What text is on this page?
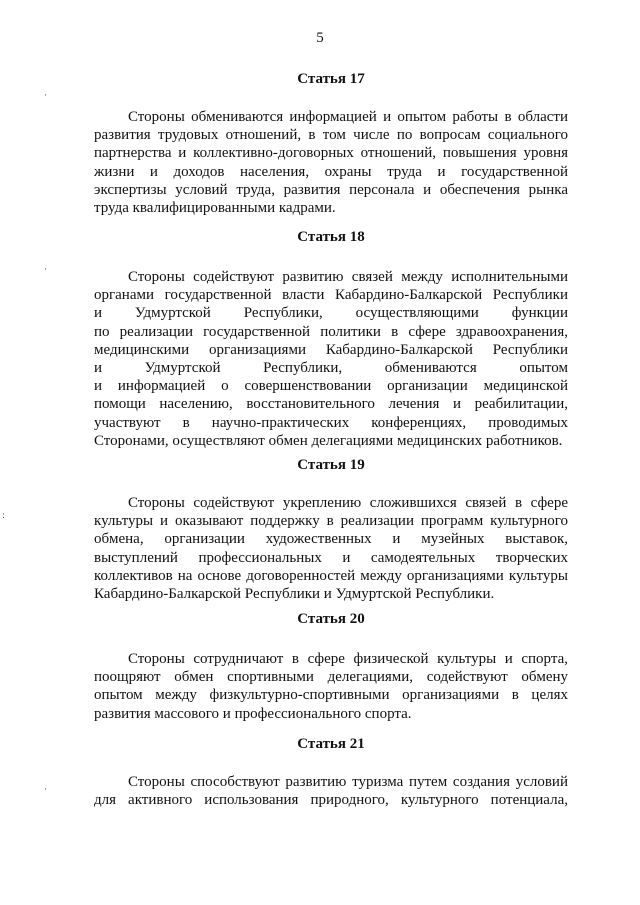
5
Статья 17
Стороны обмениваются информацией и опытом работы в области
развития трудовых отношений, в том числе по вопросам социального
партнерства и коллективно-договорных отношений, повышения уровня
жизни и доходов населения, охраны труда и государственной
экспертизы условий труда, развития персонала и обеспечения рынка
труда квалифицированными кадрами.
Статья 18
Стороны содействуют развитию связей между исполнительными
органами государственной власти Кабардино-Балкарской Республики
и Удмуртской Республики, осуществляющими функции
по реализации государственной политики в сфере здравоохранения,
медицинскими организациями Кабардино-Балкарской Республики
и Удмуртской Республики, обмениваются опытом
и информацией о совершенствовании организации медицинской
помощи населению, восстановительного лечения и реабилитации,
участвуют в научно-практических конференциях, проводимых
Сторонами, осуществляют обмен делегациями медицинских работников.
Статья 19
Стороны содействуют укреплению сложившихся связей в сфере
культуры и оказывают поддержку в реализации программ культурного
обмена, организации художественных и музейных выставок,
выступлений профессиональных и самодеятельных творческих
коллективов на основе договоренностей между организациями культуры
Кабардино-Балкарской Республики и Удмуртской Республики.
Статья 20
Стороны сотрудничают в сфере физической культуры и спорта,
поощряют обмен спортивными делегациями, содействуют обмену
опытом между физкультурно-спортивными организациями в целях
развития массового и профессионального спорта.
Статья 21
Стороны способствуют развитию туризма путем создания условий
для активного использования природного, культурного потенциала,
·
·
:
·
